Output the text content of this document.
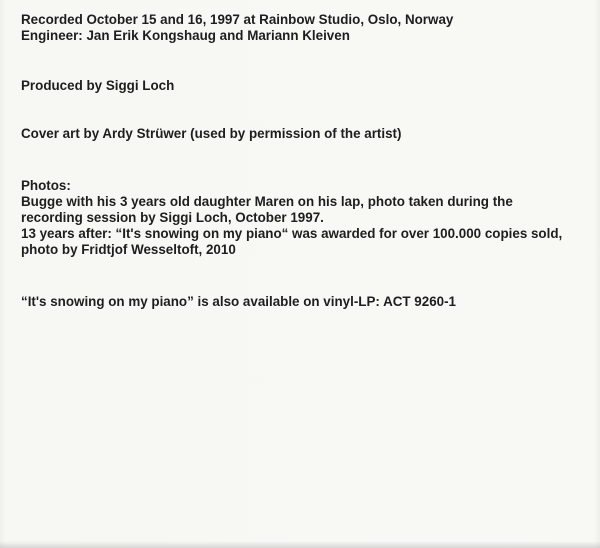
Recorded October 15 and 16, 1997 at Rainbow Studio, Oslo, Norway
Engineer: Jan Erik Kongshaug and Mariann Kleiven
Produced by Siggi Loch
Cover art by Ardy Strüwer (used by permission of the artist)
Photos:
Bugge with his 3 years old daughter Maren on his lap, photo taken during the
recording session by Siggi Loch, October 1997.
13 years after: “It's snowing on my piano“ was awarded for over 100.000 copies sold,
photo by Fridtjof Wesseltoft, 2010
“It's snowing on my piano” is also available on vinyl-LP: ACT 9260-1
